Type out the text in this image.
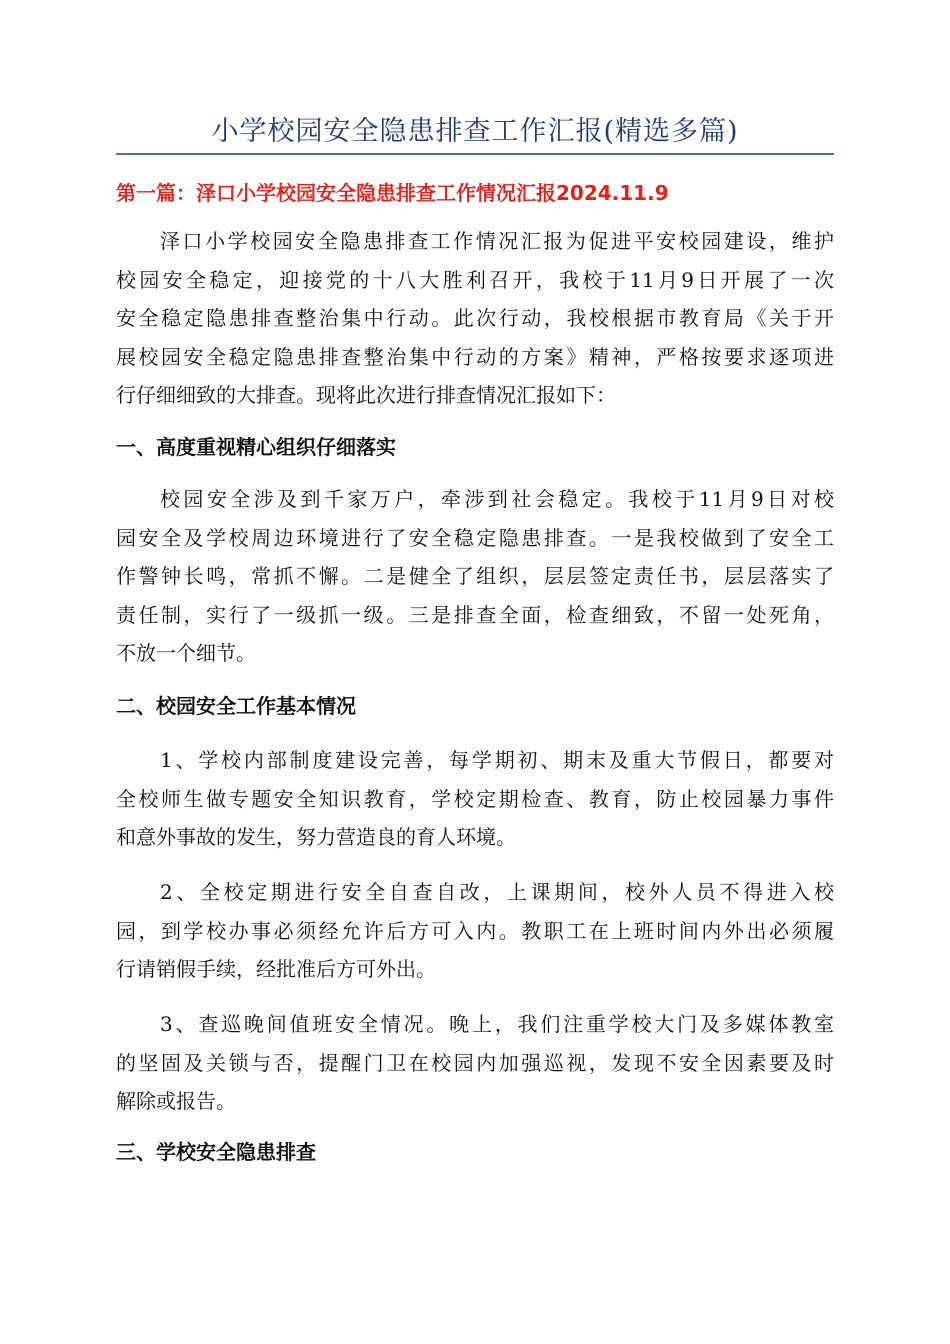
小学校园安全隐患排查工作汇报(精选多篇)
第一篇：泽口小学校园安全隐患排查工作情况汇报2024.11.9
泽口小学校园安全隐患排查工作情况汇报为促进平安校园建设，维护
校园安全稳定，迎接党的十八大胜利召开，我校于11月9日开展了一次
安全稳定隐患排查整治集中行动。此次行动，我校根据市教育局《关于开
展校园安全稳定隐患排查整治集中行动的方案》精神，严格按要求逐项进
行仔细细致的大排查。现将此次进行排查情况汇报如下：
一、高度重视精心组织仔细落实
校园安全涉及到千家万户，牵涉到社会稳定。我校于11月9日对校
园安全及学校周边环境进行了安全稳定隐患排查。一是我校做到了安全工
作警钟长鸣，常抓不懈。二是健全了组织，层层签定责任书，层层落实了
责任制，实行了一级抓一级。三是排查全面，检查细致，不留一处死角，
不放一个细节。
二、校园安全工作基本情况
1、学校内部制度建设完善，每学期初、期末及重大节假日，都要对
全校师生做专题安全知识教育，学校定期检查、教育，防止校园暴力事件
和意外事故的发生，努力营造良的育人环境。
2、全校定期进行安全自查自改，上课期间，校外人员不得进入校
园，到学校办事必须经允许后方可入内。教职工在上班时间内外出必须履
行请销假手续，经批准后方可外出。
3、查巡晚间值班安全情况。晚上，我们注重学校大门及多媒体教室
的坚固及关锁与否，提醒门卫在校园内加强巡视，发现不安全因素要及时
解除或报告。
三、学校安全隐患排查
